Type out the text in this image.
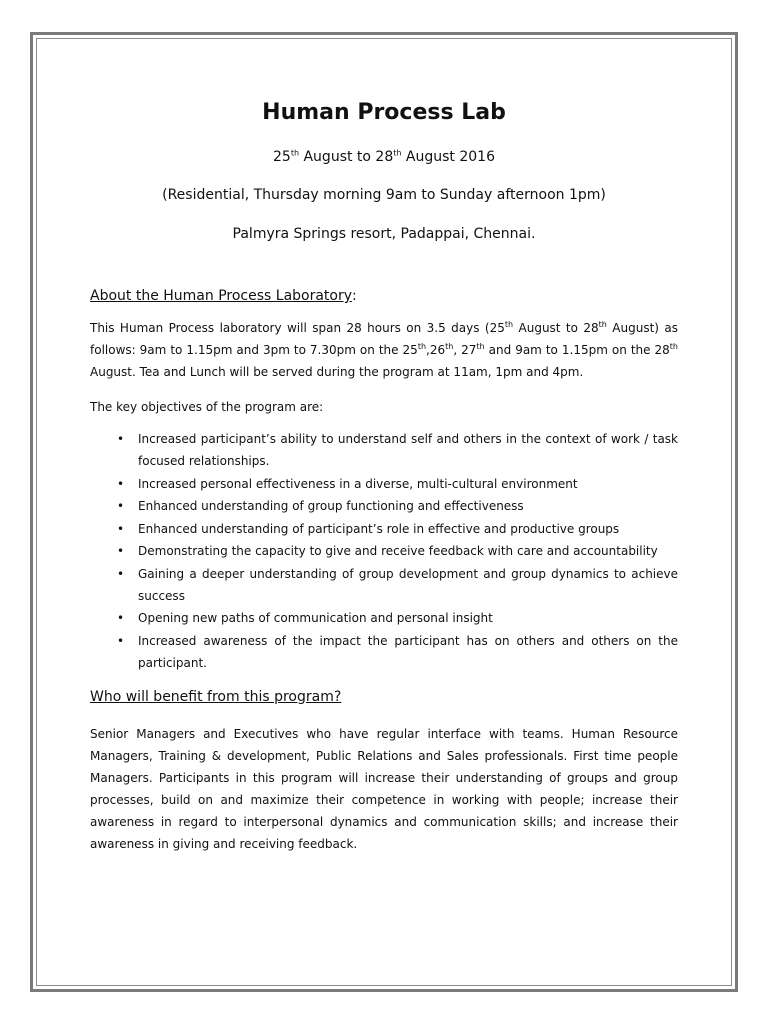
Human Process Lab
25th August to 28th August 2016
(Residential, Thursday morning 9am to Sunday afternoon 1pm)
Palmyra Springs resort, Padappai, Chennai.
About the Human Process Laboratory:

This Human Process laboratory will span 28 hours on 3.5 days (25th August to 28th August) as follows: 9am to 1.15pm and 3pm to 7.30pm on the 25th,26th, 27th and 9am to 1.15pm on the 28th August. Tea and Lunch will be served during the program at 11am, 1pm and 4pm.

The key objectives of the program are:
• Increased participant’s ability to understand self and others in the context of work / task focused relationships.
• Increased personal effectiveness in a diverse, multi-cultural environment
• Enhanced understanding of group functioning and effectiveness
• Enhanced understanding of participant’s role in effective and productive groups
• Demonstrating the capacity to give and receive feedback with care and accountability
• Gaining a deeper understanding of group development and group dynamics to achieve success
• Opening new paths of communication and personal insight
• Increased awareness of the impact the participant has on others and others on the participant.
Who will benefit from this program?

Senior Managers and Executives who have regular interface with teams. Human Resource Managers, Training & development, Public Relations and Sales professionals. First time people Managers. Participants in this program will increase their understanding of groups and group processes, build on and maximize their competence in working with people; increase their awareness in regard to interpersonal dynamics and communication skills; and increase their awareness in giving and receiving feedback.
